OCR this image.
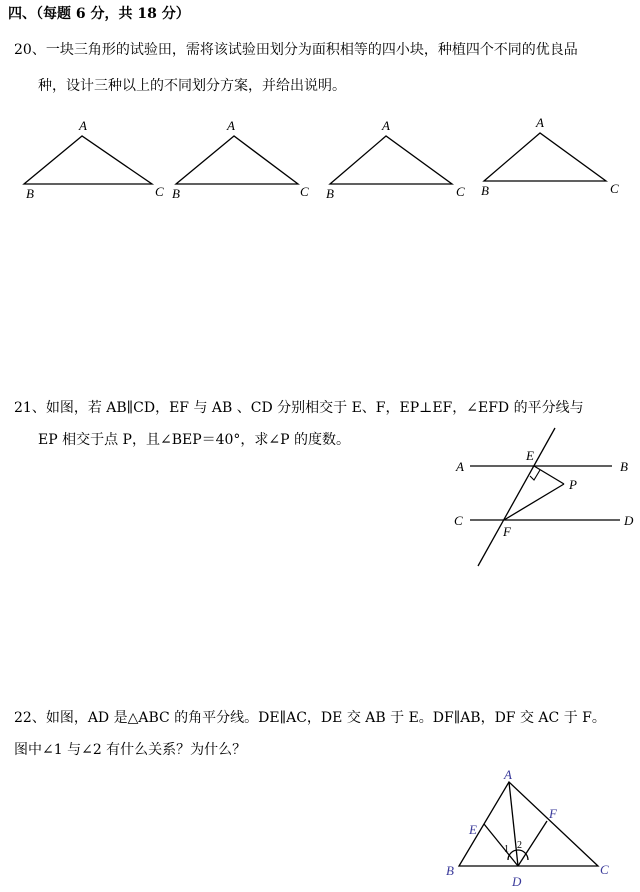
四、（每题 6 分，共 18 分）
20、一块三角形的试验田，需将该试验田划分为面积相等的四小块，种植四个不同的优良品
种，设计三种以上的不同划分方案，并给出说明。
A
B	C
A
B	C
A
B	C
A
B	C
A	B
C	D
E
F
P
A
B	C
D
E
F
1 2
21、如图，若 AB∥CD，EF 与 AB 、CD 分别相交于 E、F，EP⊥EF，∠EFD 的平分线与
EP 相交于点 P，且∠BEP＝40°，求∠P 的度数。
22、如图，AD 是△ABC 的角平分线。DE∥AC，DE 交 AB 于 E。DF∥AB，DF 交 AC 于 F。
图中∠1 与∠2 有什么关系？为什么？
